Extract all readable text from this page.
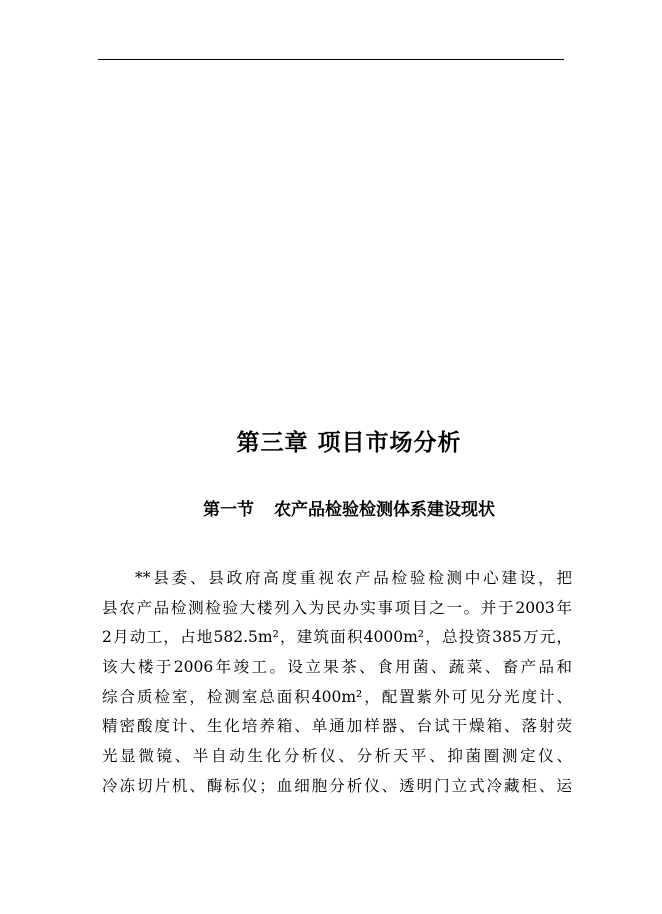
第三章 项目市场分析
第一节 农产品检验检测体系建设现状
**县委、县政府高度重视农产品检验检测中心建设，把
县农产品检测检验大楼列入为民办实事项目之一。并于2003年
2月动工，占地582.5m²，建筑面积4000m²，总投资385万元，
该大楼于2006年竣工。设立果茶、食用菌、蔬菜、畜产品和
综合质检室，检测室总面积400m²，配置紫外可见分光度计、
精密酸度计、生化培养箱、单通加样器、台试干燥箱、落射荧
光显微镜、半自动生化分析仪、分析天平、抑菌圈测定仪、
冷冻切片机、酶标仪；血细胞分析仪、透明门立式冷藏柜、运
